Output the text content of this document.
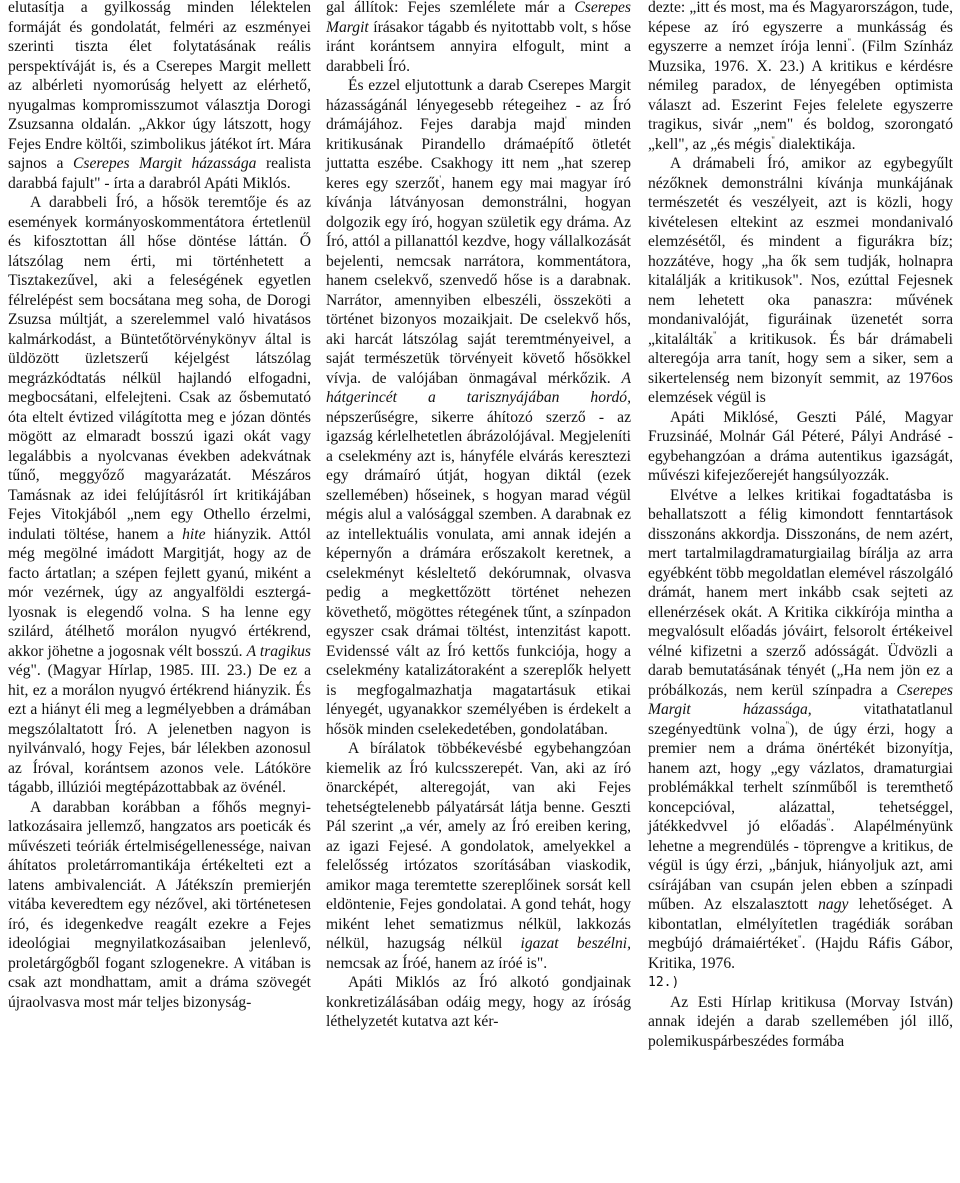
elutasítja a gyilkosság minden lélektelen formáját és gondolatát, felméri az eszményei szerinti tiszta élet folytatásának reális perspektíváját is, és a Cserepes Margit mellett az albérleti nyomorúság helyett az elérhető, nyugalmas kompromisszumot választja Dorogi Zsuzsanna oldalán. „Akkor úgy látszott, hogy Fejes Endre költői, szimbolikus játékot írt. Mára sajnos a Cserepes Margit házassága realista darabbá fajult" - írta a darabról Apáti Miklós.

A darabbeli Író, a hősök teremtője és az események kormányoskommentátora értetlenül és kifosztottan áll hőse döntése láttán. Ő látszólag nem érti, mi történhetett a Tisztakezűvel, aki a feleségének egyetlen félrelépést sem bocsátana meg soha, de Dorogi Zsuzsa múltját, a szerelemmel való hivatásos kalmárkodást, a Büntetőtörvénykönyv által is üldözött üzletszerű kéjelgést látszólag megrázkódtatás nélkül hajlandó elfogadni, megbocsátani, elfelejteni. Csak az ősbemutató óta eltelt évtized világította meg e józan döntés mögött az elmaradt bosszú igazi okát vagy legalábbis a nyolcvanas években adekvátnak tűnő, meggyőző magyarázatát. Mészáros Tamásnak az idei felújításról írt kritikájában Fejes Vitokjából „nem egy Othello érzelmi, indulati töltése, hanem a hite hiányzik. Attól még megölné imádott Margitját, hogy az de facto ártatlan; a szépen fejlett gyanú, miként a mór vezérnek, úgy az angyalföldi esztergályosnak is elegendő volna. S ha lenne egy szilárd, átélhető morálon nyugvó értékrend, akkor jöhetne a jogosnak vélt bosszú. A tragikus vég". (Magyar Hírlap, 1985. III. 23.) De ez a hit, ez a morálon nyugvó értékrend hiányzik. És ezt a hiányt éli meg a legmélyebben a drámában megszólaltatott Író. A jelenetben nagyon is nyilvánvaló, hogy Fejes, bár lélekben azonosul az Íróval, korántsem azonos vele. Látóköre tágabb, illúziói megtépázottabbak az övénél.

A darabban korábban a főhős megnyilatkozásaira jellemző, hangzatos ars poeticák és művészeti teóriák értelmiségellenessége, naivan áhítatos proletárromantikája értékelteti ezt a latens ambivalenciát. A Játékszín premierjén vitába keveredtem egy nézővel, aki történetesen író, és idegenkedve reagált ezekre a Fejes ideológiai megnyilatkozásaiban jelenlevő, proletárgőgből fogant szlogenekre. A vitában is csak azt mondhattam, amit a dráma szövegét újraolvasva most már teljes bizonyság-

gal állítok: Fejes szemlélete már a Cserepes Margit írásakor tágabb és nyitottabb volt, s hőse iránt korántsem annyira elfogult, mint a darabbeli Író.

És ezzel eljutottunk a darab Cserepes Margit házasságánál lényegesebb rétegeihez - az Író drámájához. Fejes darabja majd' minden kritikusának Pirandello drámaépítő ötletét juttatta eszébe. Csakhogy itt nem „hat szerep keres egy szerzőt', hanem egy mai magyar író kívánja látványosan demonstrálni, hogyan dolgozik egy író, hogyan születik egy dráma. Az Író, attól a pillanattól kezdve, hogy vállalkozását bejelenti, nemcsak narrátora, kommentátora, hanem cselekvő, szenvedő hőse is a darabnak. Narrátor, amennyiben elbeszéli, összeköti a történet bizonyos mozaikjait. De cselekvő hős, aki harcát látszólag saját teremtményeivel, a saját természetük törvényeit követő hősökkel vívja. de valójában önmagával mérkőzik. A hátgerincét a tarisznyájában hordó, népszerűségre, sikerre áhítozó szerző - az igazság kérlelhetetlen ábrázolójával. Megjeleníti a cselekmény azt is, hányféle elvárás keresztezi egy drámaíró útját, hogyan diktál (ezek szellemében) hőseinek, s hogyan marad végül mégis alul a valósággal szemben. A darabnak ez az intellektuális vonulata, ami annak idején a képernyőn a drámára erőszakolt keretnek, a cselekményt késleltető dekórumnak, olvasva pedig a megkettőzött történet nehezen követhető, mögöttes rétegének tűnt, a színpadon egyszer csak drámai töltést, intenzitást kapott. Evidenssé vált az Író kettős funkciója, hogy a cselekmény katalizátoraként a szereplők helyett is megfogalmazhatja magatartásuk etikai lényegét, ugyanakkor személyében is érdekelt a hősök minden cselekedetében, gondolatában.

A bírálatok többékevésbé egybehangzóan kiemelik az Író kulcsszerepét. Van, aki az író önarcképét, alteregoját, van aki Fejes tehetségtelenebb pályatársát látja benne. Geszti Pál szerint „a vér, amely az Író ereiben kering, az igazi Fejesé. A gondolatok, amelyekkel a felelősség irtózatos szorításában viaskodik, amikor maga teremtette szereplőinek sorsát kell eldöntenie, Fejes gondolatai. A gond tehát, hogy miként lehet sematizmus nélkül, lakkozás nélkül, hazugság nélkül igazat beszélni, nemcsak az Íróé, hanem az íróé is".

Apáti Miklós az Író alkotó gondjainak konkretizálásában odáig megy, hogy az íróság léthelyzetét kutatva azt kér-

dezte: „itt és most, ma és Magyarországon, tude, képese az író egyszerre a munkásság és egyszerre a nemzet írója lenni". (Film Színház Muzsika, 1976. X. 23.) A kritikus e kérdésre némileg paradox, de lényegében optimista választ ad. Eszerint Fejes felelete egyszerre tragikus, sivár „nem" és boldog, szorongató „kell", az „és mégis" dialektikája.

A drámabeli Író, amikor az egybegyűlt nézőknek demonstrálni kívánja munkájának természetét és veszélyeit, azt is közli, hogy kivételesen eltekint az eszmei mondanivaló elemzésétől, és mindent a figurákra bíz; hozzátéve, hogy „ha ők sem tudják, holnapra kitalálják a kritikusok". Nos, ezúttal Fejesnek nem lehetett oka panaszra: művének mondanivalóját, figuráinak üzenetét sorra „kitalálták" a kritikusok. És bár drámabeli alteregója arra tanít, hogy sem a siker, sem a sikertelenség nem bizonyít semmit, az 1976os elemzések végül is

Apáti Miklósé, Geszti Pálé, Magyar Fruzsináé, Molnár Gál Péteré, Pályi Andrásé - egybehangzóan a dráma autentikus igazságát, művészi kifejezőerejét hangsúlyozzák.

Elvétve a lelkes kritikai fogadtatásba is behallatszott a félig kimondott fenntartások disszonáns akkordja. Disszonáns, de nem azért, mert tartalmilagdramaturgiailag bírálja az arra egyébként több megoldatlan elemével rászolgáló drámát, hanem mert inkább csak sejteti az ellenérzések okát. A Kritika cikkírója mintha a megvalósult előadás jóváirt, felsorolt értékeivel vélné kifizetni a szerző adósságát. Üdvözli a darab bemutatásának tényét („Ha nem jön ez a próbálkozás, nem kerül színpadra a Cserepes Margit házassága, vitathatatlanul szegényedtünk volna"), de úgy érzi, hogy a premier nem a dráma önértékét bizonyítja, hanem azt, hogy „egy vázlatos, dramaturgiai problémákkal terhelt színműből is teremthető koncepcióval, alázattal, tehetséggel, játékkedvvel jó előadás". Alapélményünk lehetne a megrendülés - töprengve a kritikus, de végül is úgy érzi, „bánjuk, hiányoljuk azt, ami csírájában van csupán jelen ebben a színpadi műben. Az elszalasztott nagy lehetőséget. A kibontatlan, elmélyítetlen tragédiák sorában megbújó drámaiértéket". (Hajdu Ráfis Gábor, Kritika, 1976.

12.)

Az Esti Hírlap kritikusa (Morvay István) annak idején a darab szellemében jól illő, polemikuspárbeszédes formába
